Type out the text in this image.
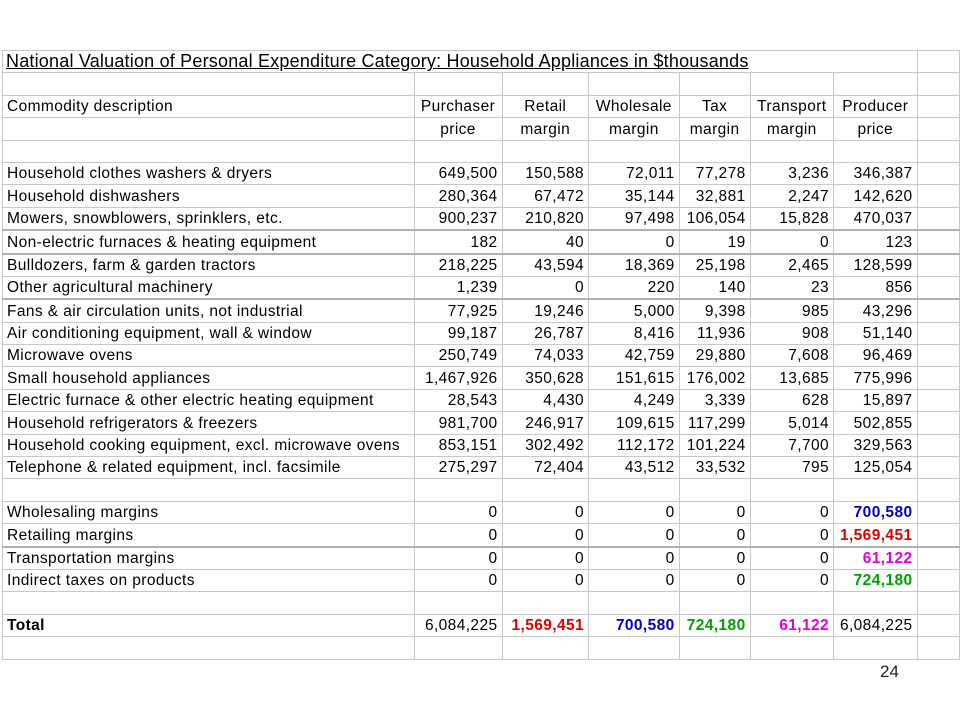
National Valuation of Personal Expenditure Category: Household Appliances in $thousands							

Commodity description	Purchaser	Retail	Wholesale	Tax	Transport	Producer	
	price	margin	margin	margin	margin	price	

Household clothes washers & dryers	649,500	150,588	72,011	77,278	3,236	346,387	
Household dishwashers	280,364	67,472	35,144	32,881	2,247	142,620	
Mowers, snowblowers, sprinklers, etc.	900,237	210,820	97,498	106,054	15,828	470,037	
Non-electric furnaces & heating equipment	182	40	0	19	0	123	
Bulldozers, farm & garden tractors	218,225	43,594	18,369	25,198	2,465	128,599	
Other agricultural machinery	1,239	0	220	140	23	856	
Fans & air circulation units, not industrial	77,925	19,246	5,000	9,398	985	43,296	
Air conditioning equipment, wall & window	99,187	26,787	8,416	11,936	908	51,140	
Microwave ovens	250,749	74,033	42,759	29,880	7,608	96,469	
Small household appliances	1,467,926	350,628	151,615	176,002	13,685	775,996	
Electric furnace & other electric heating equipment	28,543	4,430	4,249	3,339	628	15,897	
Household refrigerators & freezers	981,700	246,917	109,615	117,299	5,014	502,855	
Household cooking equipment, excl. microwave ovens	853,151	302,492	112,172	101,224	7,700	329,563	
Telephone & related equipment, incl. facsimile	275,297	72,404	43,512	33,532	795	125,054	

Wholesaling margins	0	0	0	0	0	700,580	
Retailing margins	0	0	0	0	0	1,569,451	
Transportation margins	0	0	0	0	0	61,122	
Indirect taxes on products	0	0	0	0	0	724,180	

Total	6,084,225	1,569,451	700,580	724,180	61,122	6,084,225	

24
